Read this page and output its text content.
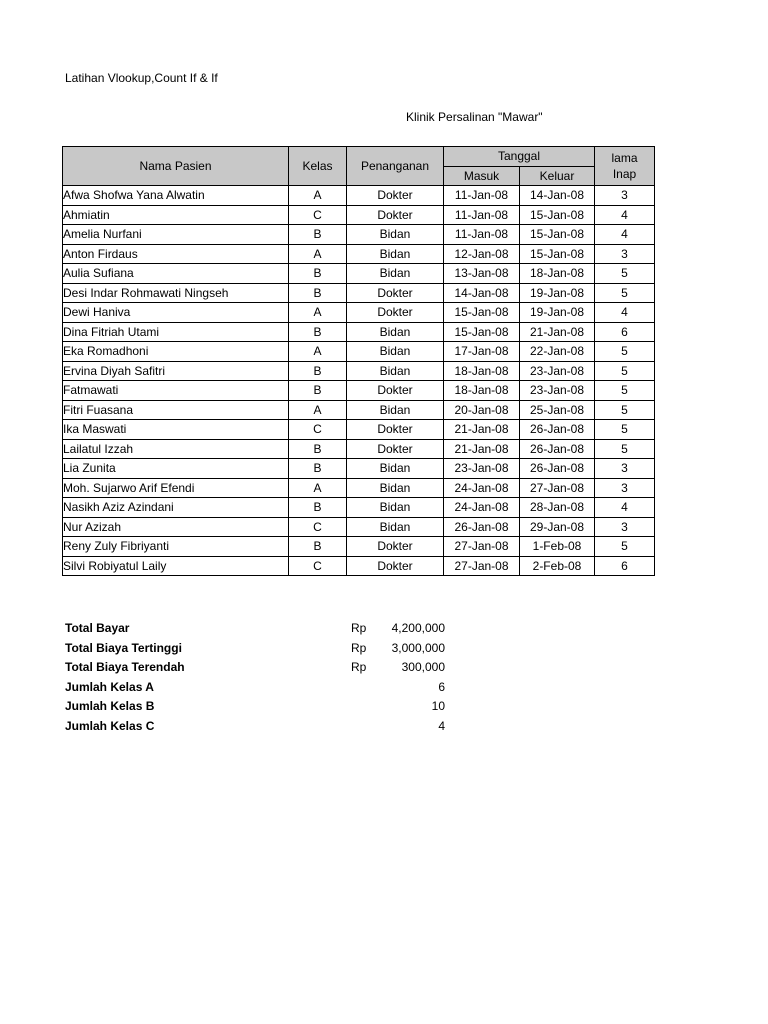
Latihan Vlookup,Count If & If
Klinik Persalinan "Mawar"
Nama Pasien	Kelas	Penanganan	Tanggal		lama Inap
			Masuk	Keluar	
Afwa Shofwa Yana Alwatin	A	Dokter	11-Jan-08	14-Jan-08	3
Ahmiatin	C	Dokter	11-Jan-08	15-Jan-08	4
Amelia Nurfani	B	Bidan	11-Jan-08	15-Jan-08	4
Anton Firdaus	A	Bidan	12-Jan-08	15-Jan-08	3
Aulia Sufiana	B	Bidan	13-Jan-08	18-Jan-08	5
Desi Indar Rohmawati Ningseh	B	Dokter	14-Jan-08	19-Jan-08	5
Dewi Haniva	A	Dokter	15-Jan-08	19-Jan-08	4
Dina Fitriah Utami	B	Bidan	15-Jan-08	21-Jan-08	6
Eka Romadhoni	A	Bidan	17-Jan-08	22-Jan-08	5
Ervina Diyah Safitri	B	Bidan	18-Jan-08	23-Jan-08	5
Fatmawati	B	Dokter	18-Jan-08	23-Jan-08	5
Fitri Fuasana	A	Bidan	20-Jan-08	25-Jan-08	5
Ika Maswati	C	Dokter	21-Jan-08	26-Jan-08	5
Lailatul Izzah	B	Dokter	21-Jan-08	26-Jan-08	5
Lia Zunita	B	Bidan	23-Jan-08	26-Jan-08	3
Moh. Sujarwo Arif Efendi	A	Bidan	24-Jan-08	27-Jan-08	3
Nasikh Aziz Azindani	B	Bidan	24-Jan-08	28-Jan-08	4
Nur Azizah	C	Bidan	26-Jan-08	29-Jan-08	3
Reny Zuly Fibriyanti	B	Dokter	27-Jan-08	1-Feb-08	5
Silvi Robiyatul Laily	C	Dokter	27-Jan-08	2-Feb-08	6
Total Bayar	Rp 4,200,000
Total Biaya Tertinggi	Rp 3,000,000
Total Biaya Terendah	Rp	300,000
Jumlah Kelas A	6
Jumlah Kelas B	10
Jumlah Kelas C	4
